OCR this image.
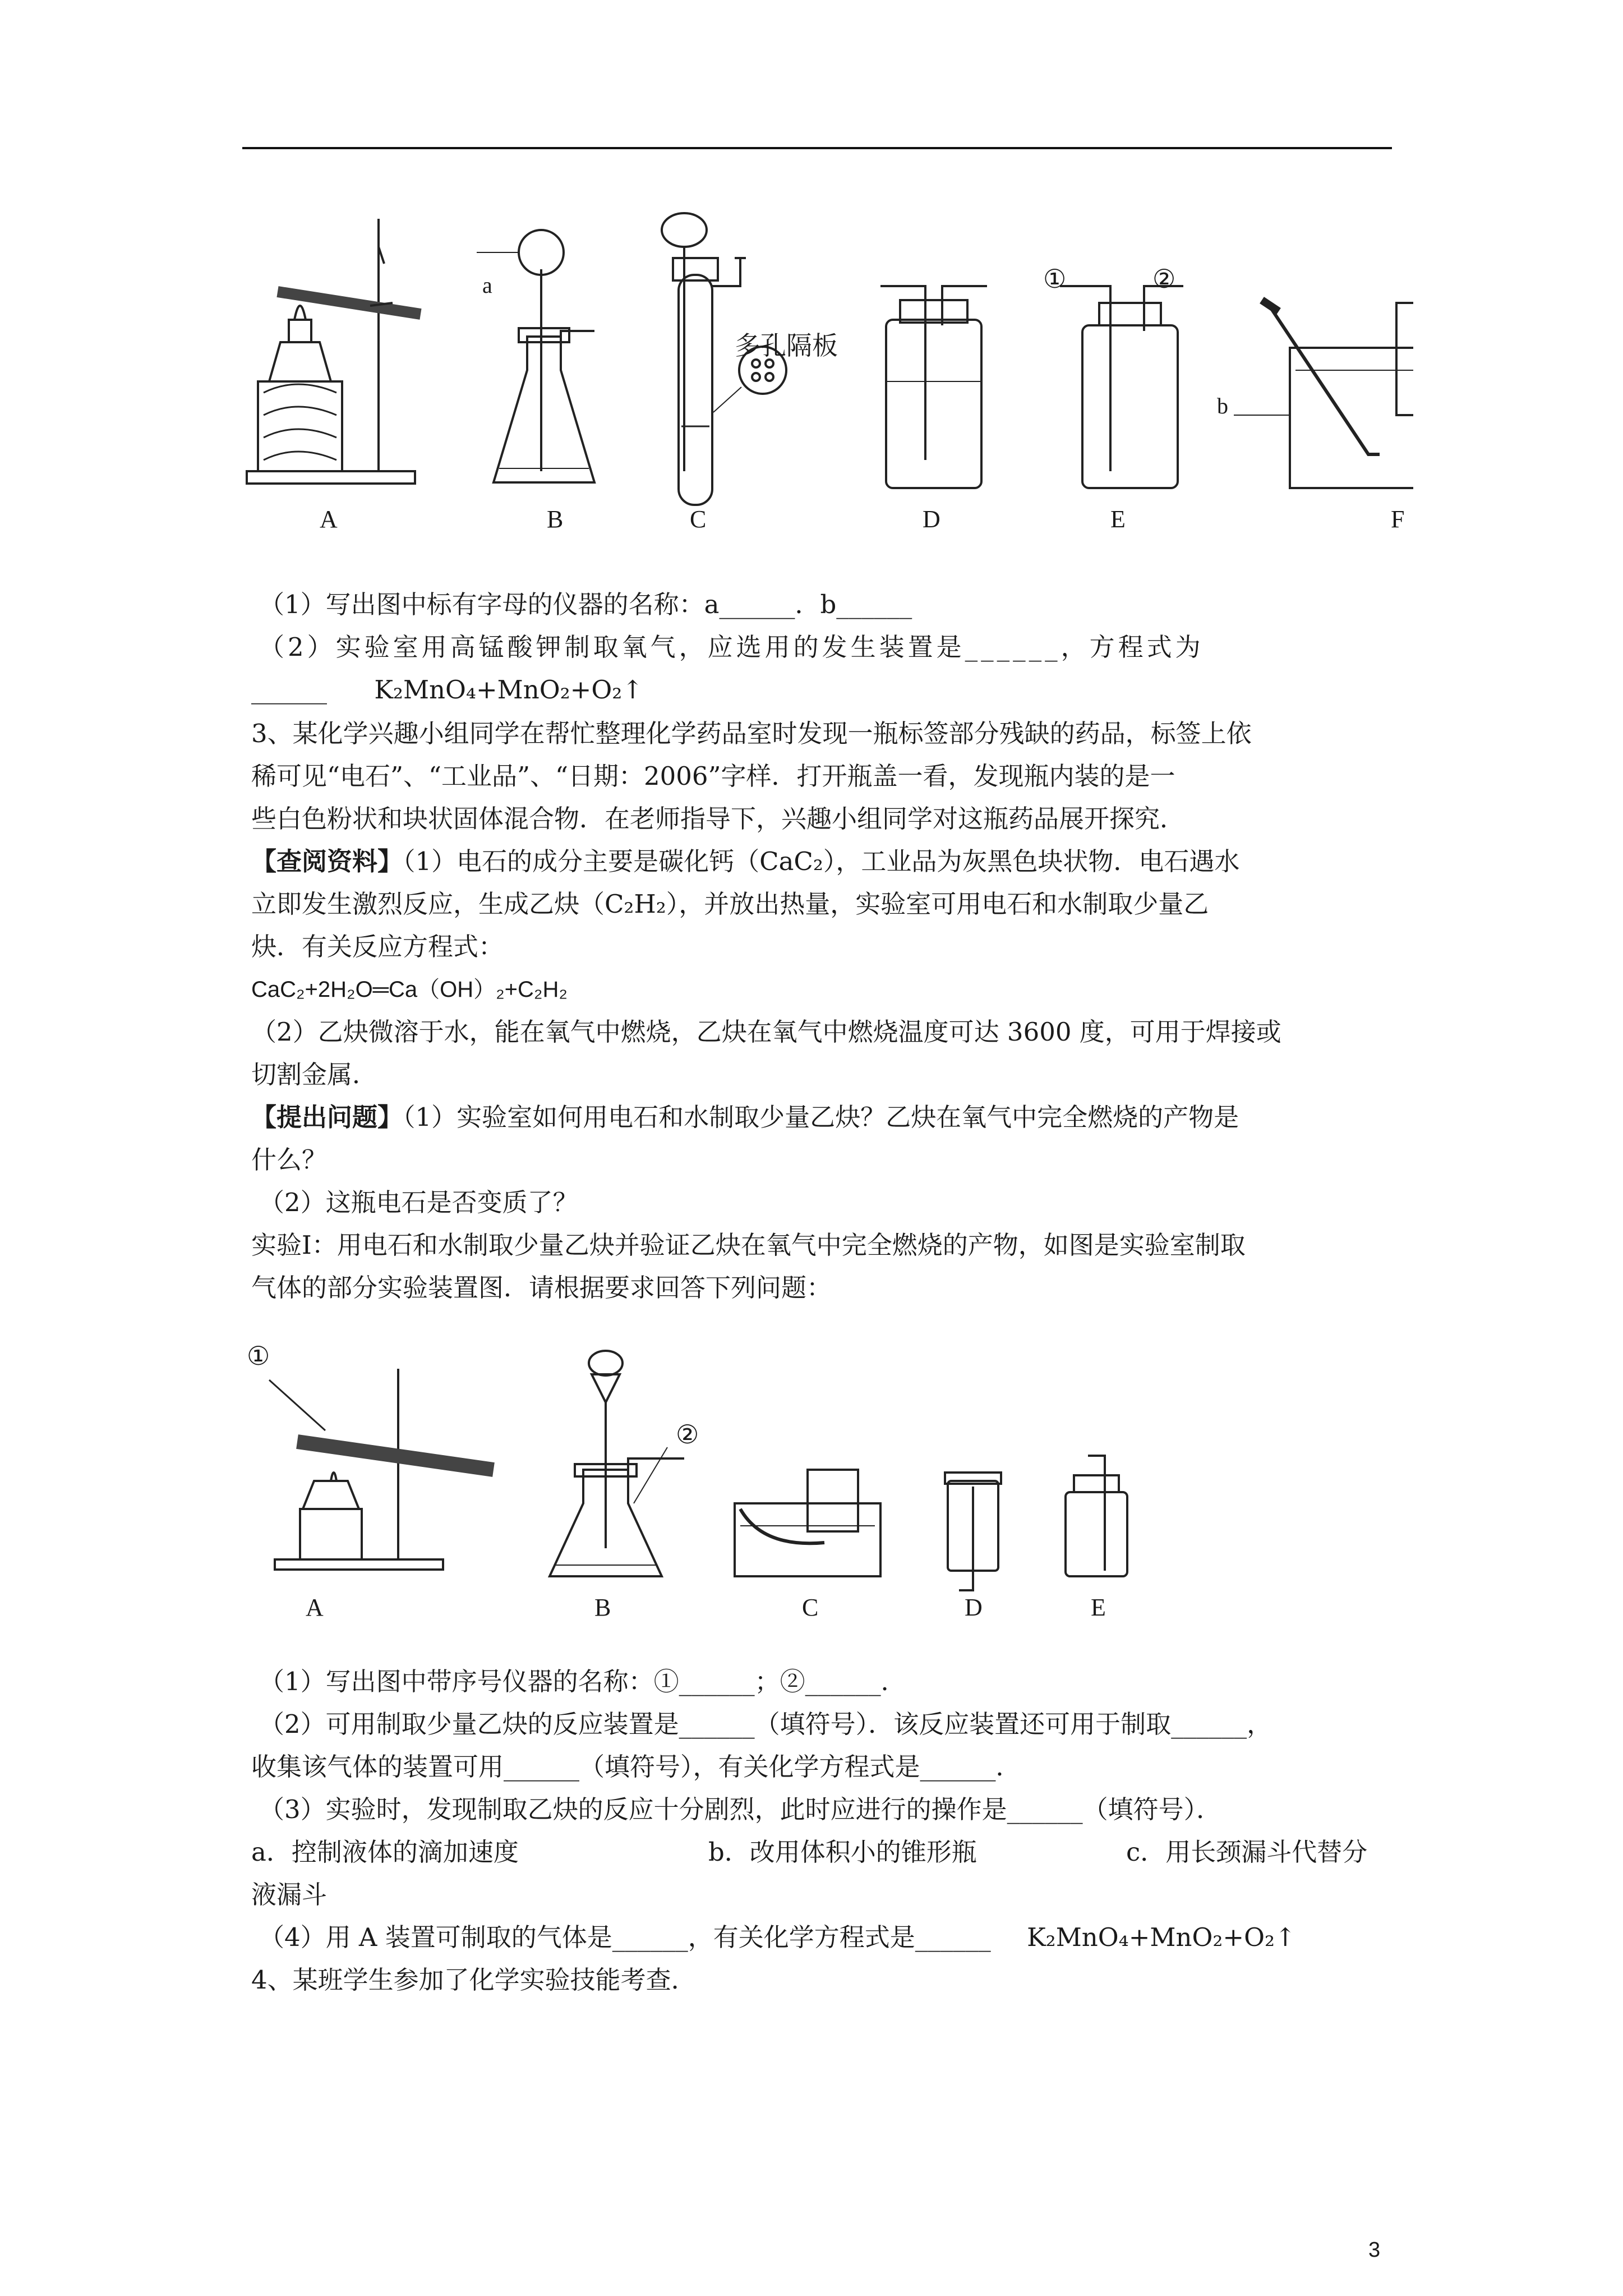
a
b
①	②
多孔隔板
A	B	C	D	E	F
（1）写出图中标有字母的仪器的名称：a______．b______
（2）实验室用高锰酸钾制取氧气，应选用的发生装置是______，方程式为
______ K₂MnO₄+MnO₂+O₂↑
3、某化学兴趣小组同学在帮忙整理化学药品室时发现一瓶标签部分残缺的药品，标签上依
稀可见“电石”、“工业品”、“日期：2006”字样．打开瓶盖一看，发现瓶内装的是一
些白色粉状和块状固体混合物．在老师指导下，兴趣小组同学对这瓶药品展开探究．
【查阅资料】（1）电石的成分主要是碳化钙（CaC₂），工业品为灰黑色块状物．电石遇水
立即发生激烈反应，生成乙炔（C₂H₂），并放出热量，实验室可用电石和水制取少量乙
炔．有关反应方程式：
CaC₂+2H₂O═Ca（OH）₂+C₂H₂
（2）乙炔微溶于水，能在氧气中燃烧，乙炔在氧气中燃烧温度可达 3600 度，可用于焊接或
切割金属．
【提出问题】（1）实验室如何用电石和水制取少量乙炔？乙炔在氧气中完全燃烧的产物是
什么？
（2）这瓶电石是否变质了？
实验Ⅰ：用电石和水制取少量乙炔并验证乙炔在氧气中完全燃烧的产物，如图是实验室制取
气体的部分实验装置图．请根据要求回答下列问题：
①
②
A	B	C	D	E
（1）写出图中带序号仪器的名称：①______；②______．
（2）可用制取少量乙炔的反应装置是______（填符号）．该反应装置还可用于制取______，
收集该气体的装置可用______（填符号），有关化学方程式是______．
（3）实验时，发现制取乙炔的反应十分剧烈，此时应进行的操作是______（填符号）．
a．控制液体的滴加速度	b．改用体积小的锥形瓶	c．用长颈漏斗代替分
液漏斗
（4）用 A 装置可制取的气体是______，有关化学方程式是______ K₂MnO₄+MnO₂+O₂↑
4、某班学生参加了化学实验技能考查．
3
